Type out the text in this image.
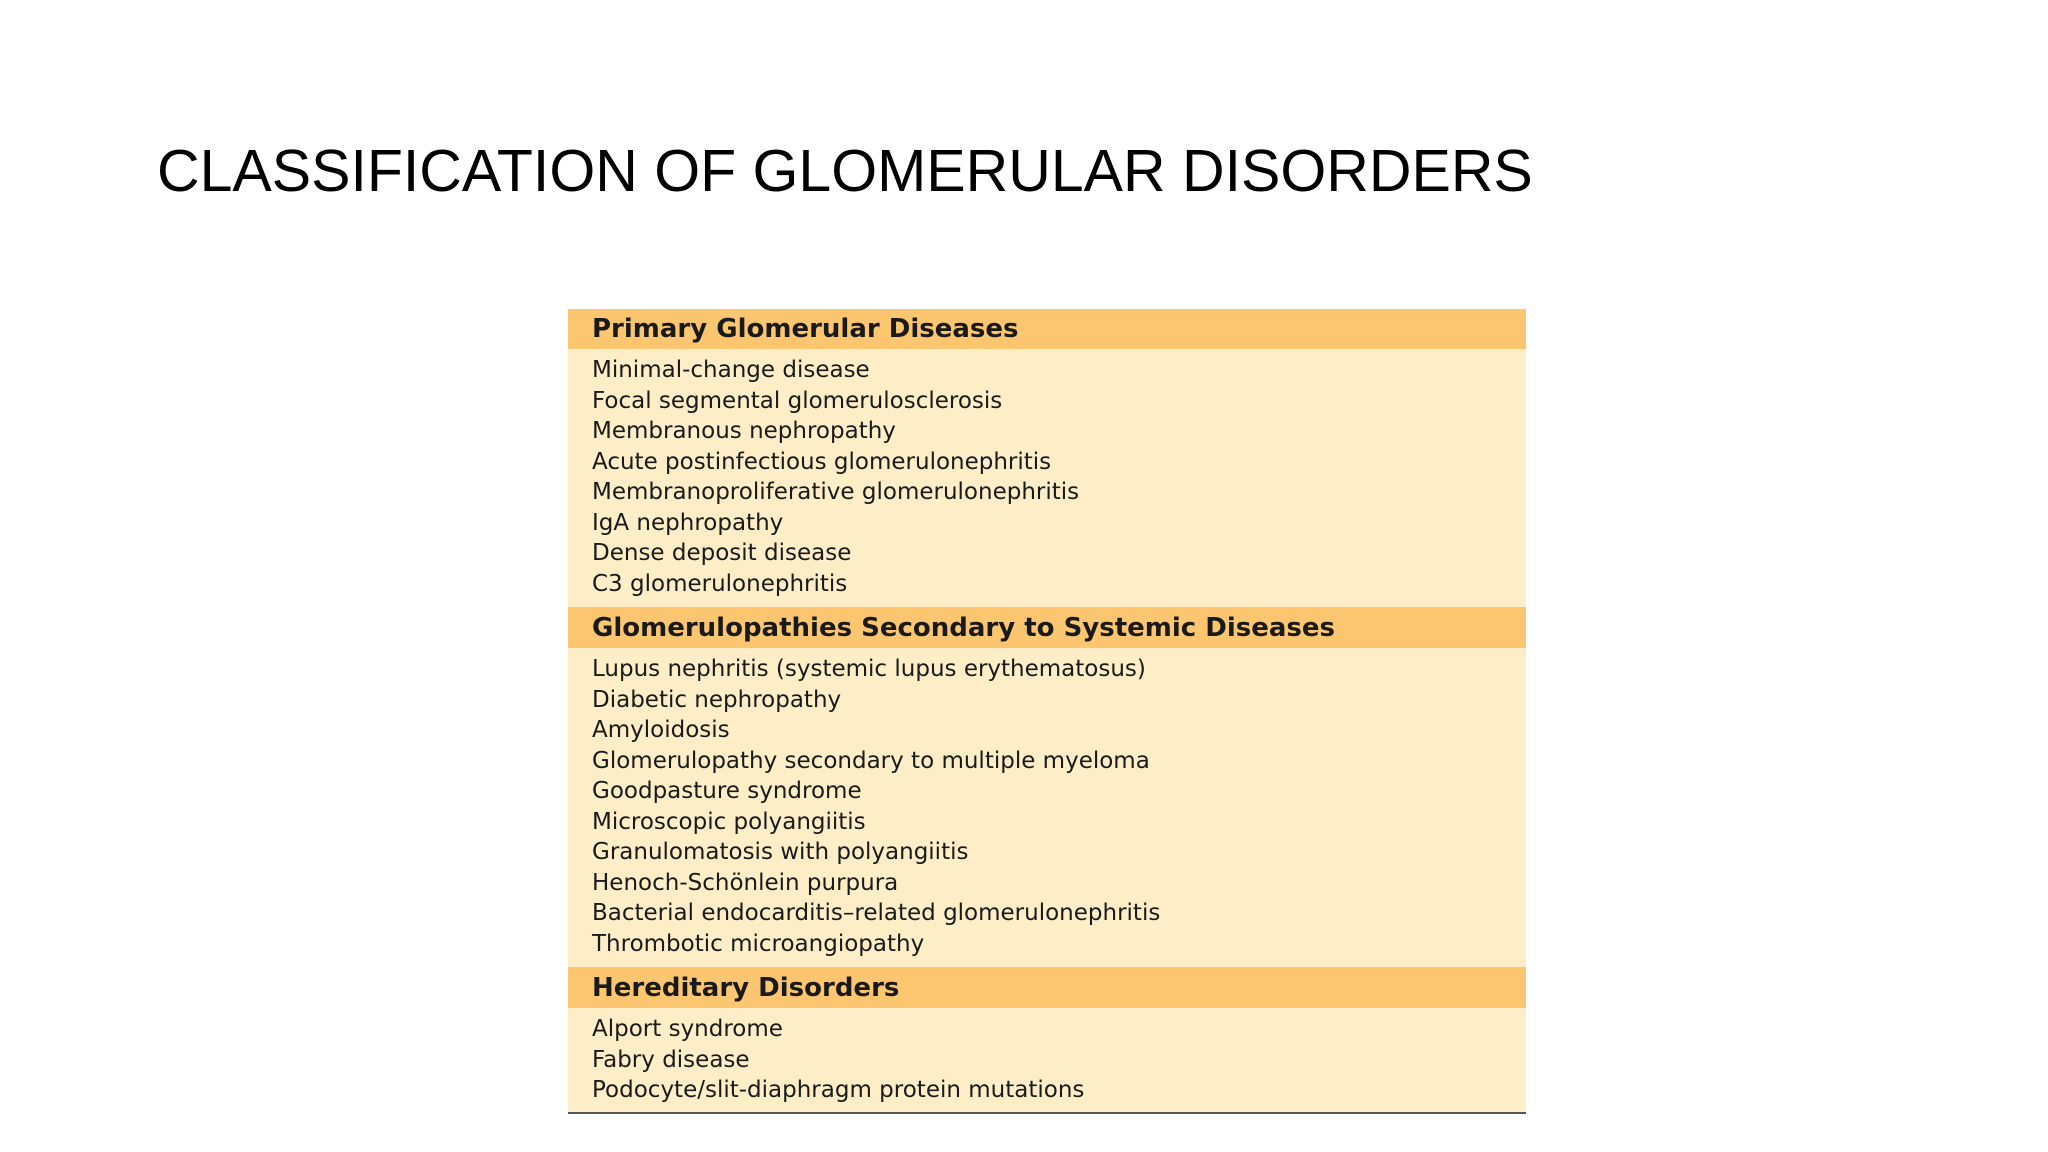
CLASSIFICATION OF GLOMERULAR DISORDERS
Primary Glomerular Diseases
Minimal-change disease
Focal segmental glomerulosclerosis
Membranous nephropathy
Acute postinfectious glomerulonephritis
Membranoproliferative glomerulonephritis
IgA nephropathy
Dense deposit disease
C3 glomerulonephritis
Glomerulopathies Secondary to Systemic Diseases
Lupus nephritis (systemic lupus erythematosus)
Diabetic nephropathy
Amyloidosis
Glomerulopathy secondary to multiple myeloma
Goodpasture syndrome
Microscopic polyangiitis
Granulomatosis with polyangiitis
Henoch-Schönlein purpura
Bacterial endocarditis–related glomerulonephritis
Thrombotic microangiopathy
Hereditary Disorders
Alport syndrome
Fabry disease
Podocyte/slit-diaphragm protein mutations
